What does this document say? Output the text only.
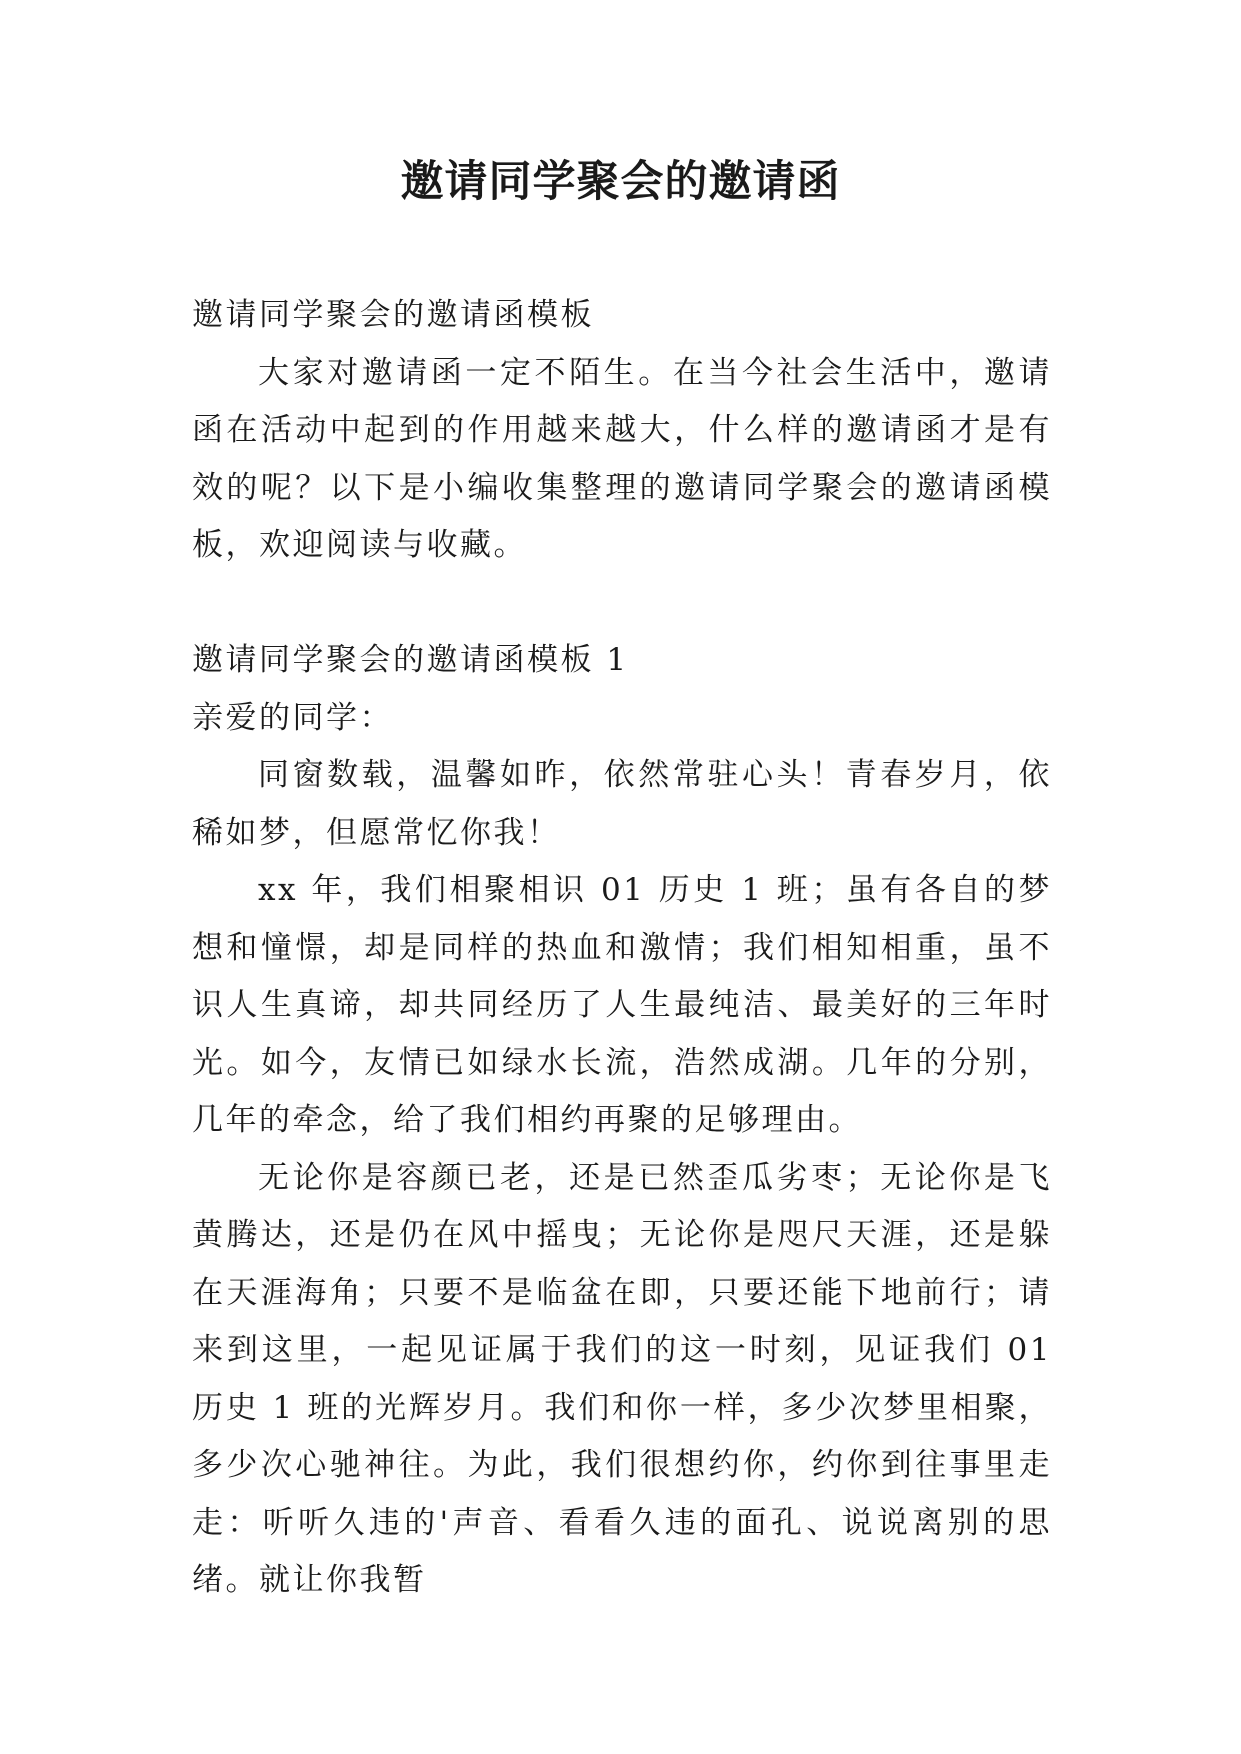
邀请同学聚会的邀请函

邀请同学聚会的邀请函模板

大家对邀请函一定不陌生。在当今社会生活中，邀请函在活动中起到的作用越来越大，什么样的邀请函才是有效的呢？以下是小编收集整理的邀请同学聚会的邀请函模板，欢迎阅读与收藏。

邀请同学聚会的邀请函模板 1

亲爱的同学：

同窗数载，温馨如昨，依然常驻心头！青春岁月，依稀如梦，但愿常忆你我！

xx 年，我们相聚相识 01 历史 1 班；虽有各自的梦想和憧憬，却是同样的热血和激情；我们相知相重，虽不识人生真谛，却共同经历了人生最纯洁、最美好的三年时光。如今，友情已如绿水长流，浩然成湖。几年的分别，几年的牵念，给了我们相约再聚的足够理由。

无论你是容颜已老，还是已然歪瓜劣枣；无论你是飞黄腾达，还是仍在风中摇曳；无论你是咫尺天涯，还是躲在天涯海角；只要不是临盆在即，只要还能下地前行；请来到这里，一起见证属于我们的这一时刻，见证我们 01 历史 1 班的光辉岁月。我们和你一样，多少次梦里相聚，多少次心驰神往。为此，我们很想约你，约你到往事里走走：听听久违的'声音、看看久违的面孔、说说离别的思绪。就让你我暂
